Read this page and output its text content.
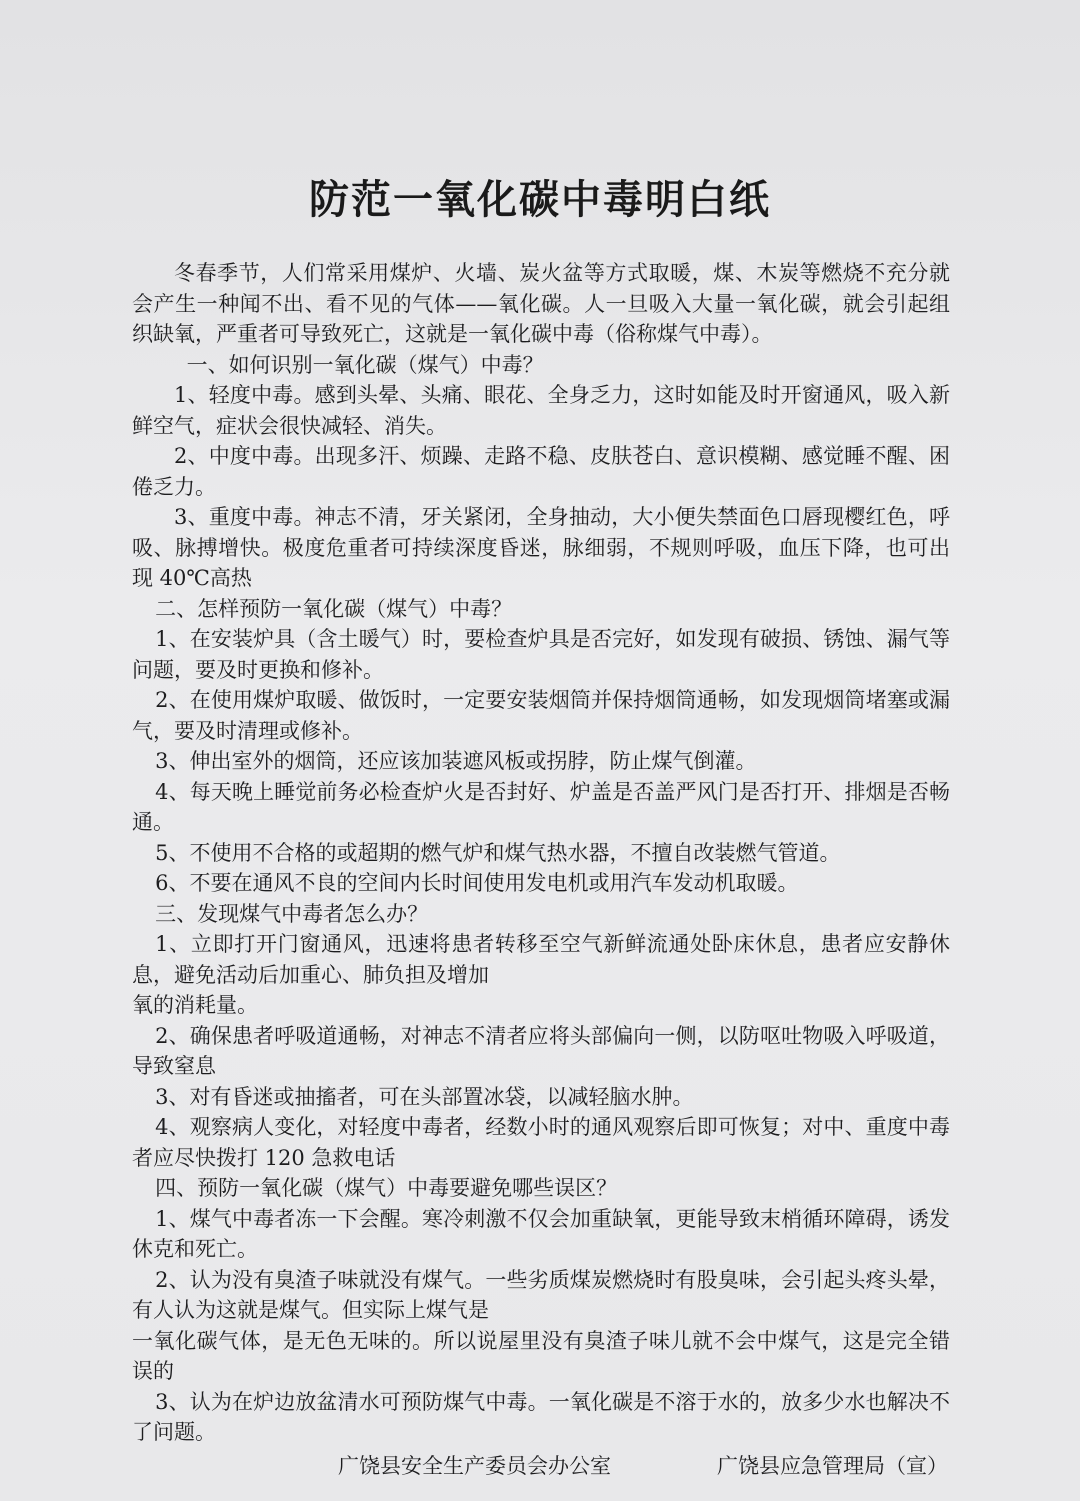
防范一氧化碳中毒明白纸

冬春季节，人们常采用煤炉、火墙、炭火盆等方式取暖，煤、木炭等燃烧不充分就会产生一种闻不出、看不见的气体——氧化碳。人一旦吸入大量一氧化碳，就会引起组织缺氧，严重者可导致死亡，这就是一氧化碳中毒（俗称煤气中毒）。

一、如何识别一氧化碳（煤气）中毒？

1、轻度中毒。感到头晕、头痛、眼花、全身乏力，这时如能及时开窗通风，吸入新鲜空气，症状会很快减轻、消失。

2、中度中毒。出现多汗、烦躁、走路不稳、皮肤苍白、意识模糊、感觉睡不醒、困倦乏力。

3、重度中毒。神志不清，牙关紧闭，全身抽动，大小便失禁面色口唇现樱红色，呼吸、脉搏增快。极度危重者可持续深度昏迷，脉细弱，不规则呼吸，血压下降，也可出现 40℃高热

二、怎样预防一氧化碳（煤气）中毒？

1、在安装炉具（含土暖气）时，要检查炉具是否完好，如发现有破损、锈蚀、漏气等问题，要及时更换和修补。

2、在使用煤炉取暖、做饭时，一定要安装烟筒并保持烟筒通畅，如发现烟筒堵塞或漏气，要及时清理或修补。

3、伸出室外的烟筒，还应该加装遮风板或拐脖，防止煤气倒灌。

4、每天晚上睡觉前务必检查炉火是否封好、炉盖是否盖严风门是否打开、排烟是否畅通。

5、不使用不合格的或超期的燃气炉和煤气热水器，不擅自改装燃气管道。

6、不要在通风不良的空间内长时间使用发电机或用汽车发动机取暖。

三、发现煤气中毒者怎么办？

1、立即打开门窗通风，迅速将患者转移至空气新鲜流通处卧床休息，患者应安静休息，避免活动后加重心、肺负担及增加

氧的消耗量。

2、确保患者呼吸道通畅，对神志不清者应将头部偏向一侧，以防呕吐物吸入呼吸道，导致窒息

3、对有昏迷或抽搐者，可在头部置冰袋，以减轻脑水肿。

4、观察病人变化，对轻度中毒者，经数小时的通风观察后即可恢复；对中、重度中毒者应尽快拨打 120 急救电话

四、预防一氧化碳（煤气）中毒要避免哪些误区？

1、煤气中毒者冻一下会醒。寒冷刺激不仅会加重缺氧，更能导致末梢循环障碍，诱发休克和死亡。

2、认为没有臭渣子味就没有煤气。一些劣质煤炭燃烧时有股臭味，会引起头疼头晕，有人认为这就是煤气。但实际上煤气是

一氧化碳气体，是无色无味的。所以说屋里没有臭渣子味儿就不会中煤气，这是完全错误的

3、认为在炉边放盆清水可预防煤气中毒。一氧化碳是不溶于水的，放多少水也解决不了问题。

广饶县安全生产委员会办公室	广饶县应急管理局（宣）
